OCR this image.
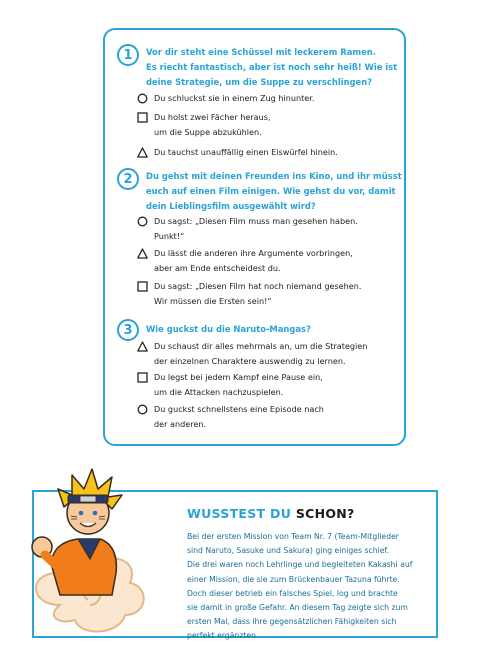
1	Vor dir steht eine Schüssel mit leckerem Ramen.
Es riecht fantastisch, aber ist noch sehr heiß! Wie ist
deine Strategie, um die Suppe zu verschlingen?
Du schluckst sie in einem Zug hinunter.
Du holst zwei Fächer heraus,
um die Suppe abzukühlen.
Du tauchst unauffällig einen Eiswürfel hinein.
2	Du gehst mit deinen Freunden ins Kino, und ihr müsst
euch auf einen Film einigen. Wie gehst du vor, damit
dein Lieblingsfilm ausgewählt wird?
Du sagst: „Diesen Film muss man gesehen haben.
Punkt!“
Du lässt die anderen ihre Argumente vorbringen,
aber am Ende entscheidest du.
Du sagst: „Diesen Film hat noch niemand gesehen.
Wir müssen die Ersten sein!“
3	Wie guckst du die Naruto-Mangas?
Du schaust dir alles mehrmals an, um die Strategien
der einzelnen Charaktere auswendig zu lernen.
Du legst bei jedem Kampf eine Pause ein,
um die Attacken nachzuspielen.
Du guckst schnellstens eine Episode nach
der anderen.
WUSSTEST DU SCHON?
Bei der ersten Mission von Team Nr. 7 (Team-Mitglieder
sind Naruto, Sasuke und Sakura) ging einiges schief.
Die drei waren noch Lehrlinge und begleiteten Kakashi auf
einer Mission, die sie zum Brückenbauer Tazuna führte.
Doch dieser betrieb ein falsches Spiel, log und brachte
sie damit in große Gefahr. An diesem Tag zeigte sich zum
ersten Mal, dass ihre gegensätzlichen Fähigkeiten sich
perfekt ergänzten.
